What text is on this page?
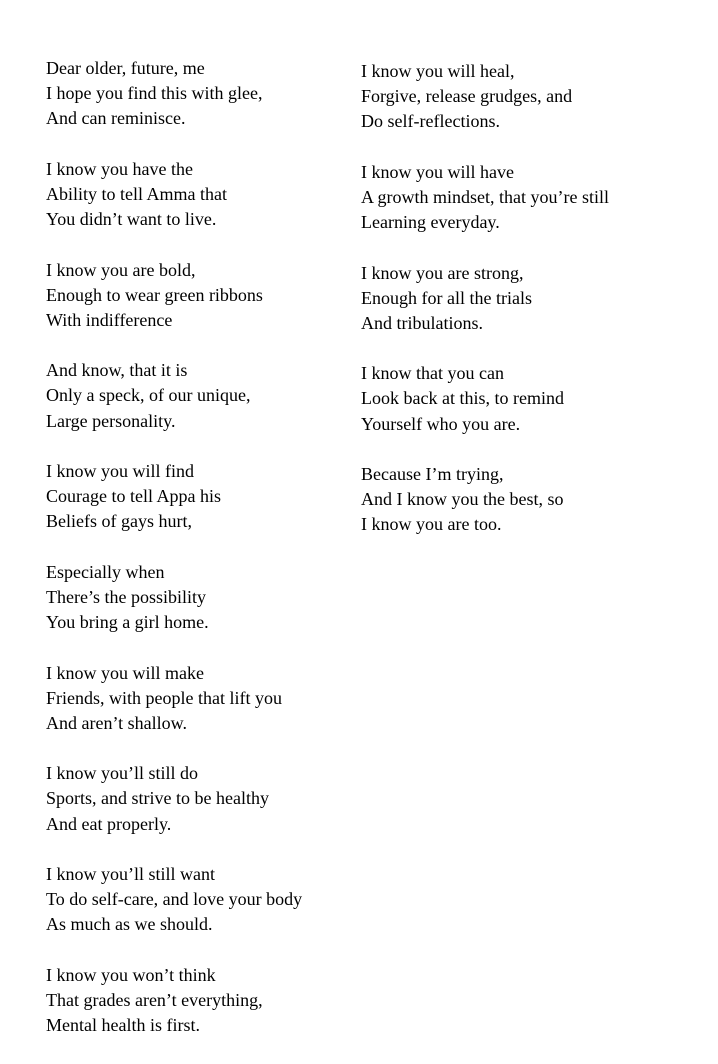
Dear older, future, me
I hope you find this with glee,
And can reminisce.
I know you have the
Ability to tell Amma that
You didn’t want to live.
I know you are bold,
Enough to wear green ribbons
With indifference
And know, that it is
Only a speck, of our unique,
Large personality.
I know you will find
Courage to tell Appa his
Beliefs of gays hurt,
Especially when
There’s the possibility
You bring a girl home.
I know you will make
Friends, with people that lift you
And aren’t shallow.
I know you’ll still do
Sports, and strive to be healthy
And eat properly.
I know you’ll still want
To do self-care, and love your body
As much as we should.
I know you won’t think
That grades aren’t everything,
Mental health is first.
I know you will heal,
Forgive, release grudges, and
Do self-reflections.
I know you will have
A growth mindset, that you’re still
Learning everyday.
I know you are strong,
Enough for all the trials
And tribulations.
I know that you can
Look back at this, to remind
Yourself who you are.
Because I’m trying,
And I know you the best, so
I know you are too.
